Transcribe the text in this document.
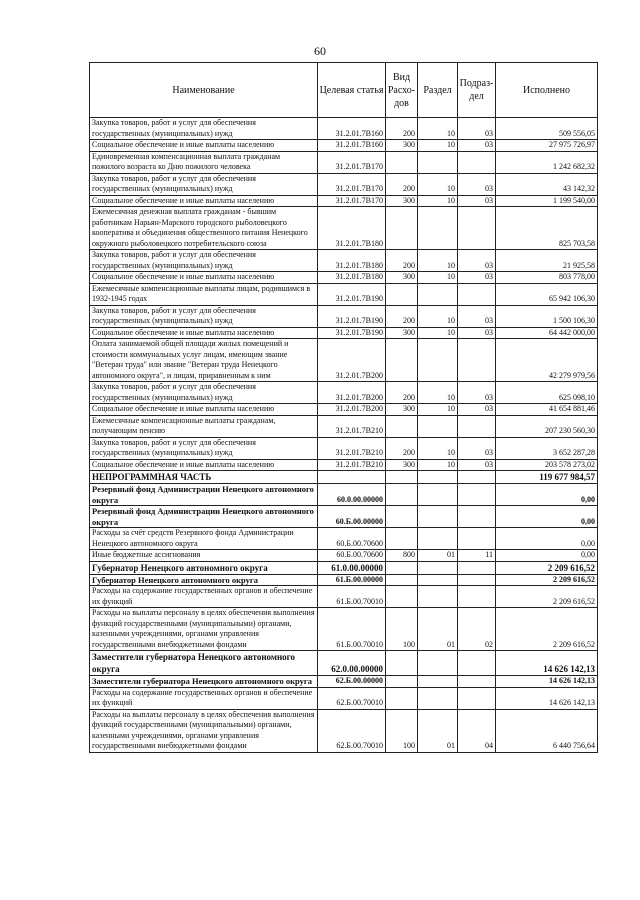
60
Наименование	Целевая статья	Вид Расхо- дов	Раздел	Подраз- дел	Исполнено
Закупка товаров, работ и услуг для обеспечения государственных (муниципальных) нужд	31.2.01.7В160	200	10	03	509 556,05
Социальное обеспечение и иные выплаты населению	31.2.01.7В160	300	10	03	27 975 726,97
Единовременная компенсационная выплата гражданам пожилого возраста ко Дню пожилого человека	31.2.01.7В170				1 242 682,32
Закупка товаров, работ и услуг для обеспечения государственных (муниципальных) нужд	31.2.01.7В170	200	10	03	43 142,32
Социальное обеспечение и иные выплаты населению	31.2.01.7В170	300	10	03	1 199 540,00
Ежемесячная денежная выплата гражданам - бывшим работникам Нарьян-Марского городского рыболовецкого кооператива и объединения общественного питания Ненецкого окружного рыболовецкого потребительского союза	31.2.01.7В180				825 703,58
Закупка товаров, работ и услуг для обеспечения государственных (муниципальных) нужд	31.2.01.7В180	200	10	03	21 925,58
Социальное обеспечение и иные выплаты населению	31.2.01.7В180	300	10	03	803 778,00
Ежемесячные компенсационные выплаты лицам, родившимся в 1932-1945 годах	31.2.01.7В190				65 942 106,30
Закупка товаров, работ и услуг для обеспечения государственных (муниципальных) нужд	31.2.01.7В190	200	10	03	1 500 106,30
Социальное обеспечение и иные выплаты населению	31.2.01.7В190	300	10	03	64 442 000,00
Оплата занимаемой общей площади жилых помещений и стоимости коммунальных услуг лицам, имеющим звание "Ветеран труда" или звание "Ветеран труда Ненецкого автономного округа", и лицам, приравненным к ним	31.2.01.7В200				42 279 979,56
Закупка товаров, работ и услуг для обеспечения государственных (муниципальных) нужд	31.2.01.7В200	200	10	03	625 098,10
Социальное обеспечение и иные выплаты населению	31.2.01.7В200	300	10	03	41 654 881,46
Ежемесячные компенсационные выплаты гражданам, получающим пенсию	31.2.01.7В210				207 230 560,30
Закупка товаров, работ и услуг для обеспечения государственных (муниципальных) нужд	31.2.01.7В210	200	10	03	3 652 287,28
Социальное обеспечение и иные выплаты населению	31.2.01.7В210	300	10	03	203 578 273,02
НЕПРОГРАММНАЯ ЧАСТЬ					119 677 984,57
Резервный фонд Администрации Ненецкого автономного округа	60.0.00.00000				0,00
Резервный фонд Администрации Ненецкого автономного округа	60.Б.00.00000				0,00
Расходы за счёт средств Резервного фонда Администрации Ненецкого автономного округа	60.Б.00.70600				0,00
Иные бюджетные ассигнования	60.Б.00.70600	800	01	11	0,00
Губернатор Ненецкого автономного округа	61.0.00.00000				2 209 616,52
Губернатор Ненецкого автономного округа	61.Б.00.00000				2 209 616,52
Расходы на содержание государственных органов и обеспечение их функций	61.Б.00.70010				2 209 616,52
Расходы на выплаты персоналу в целях обеспечения выполнения функций государственными (муниципальными) органами, казенными учреждениями, органами управления государственными внебюджетными фондами	61.Б.00.70010	100	01	02	2 209 616,52
Заместители губернатора Ненецкого автономного округа	62.0.00.00000				14 626 142,13
Заместители губернатора Ненецкого автономного округа	62.Б.00.00000				14 626 142,13
Расходы на содержание государственных органов и обеспечение их функций	62.Б.00.70010				14 626 142,13
Расходы на выплаты персоналу в целях обеспечения выполнения функций государственными (муниципальными) органами, казенными учреждениями, органами управления государственными внебюджетными фондами	62.Б.00.70010	100	01	04	6 440 756,64
